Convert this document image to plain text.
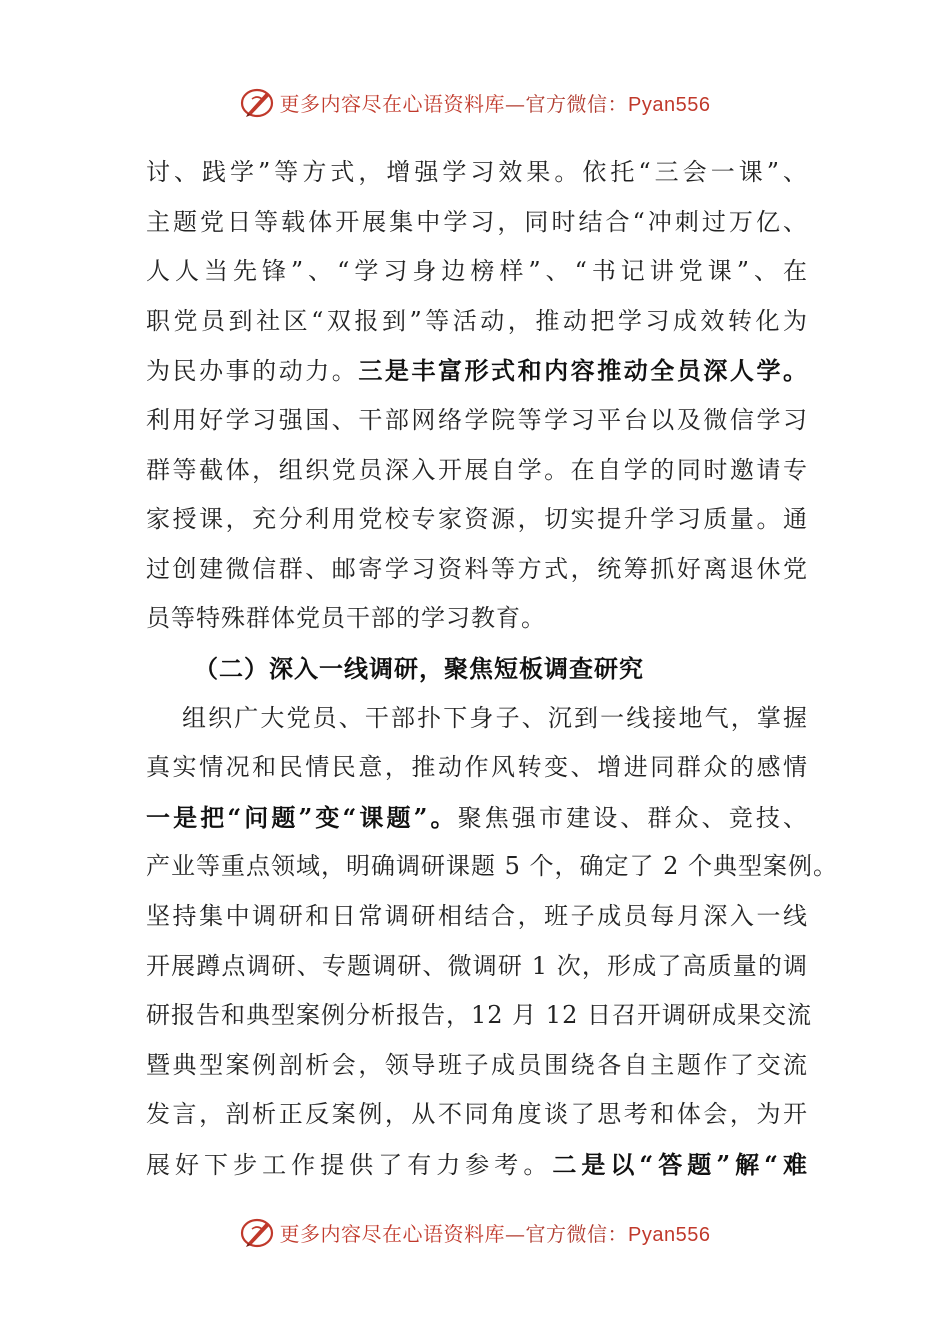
更多内容尽在心语资料库—官方微信：Pyan556
讨、践学”等方式，增强学习效果。依托“三会一课”、
主题党日等载体开展集中学习，同时结合“冲刺过万亿、
人人当先锋”、“学习身边榜样”、“书记讲党课”、在
职党员到社区“双报到”等活动，推动把学习成效转化为
为民办事的动力。三是丰富形式和内容推动全员深人学。
利用好学习强国、干部网络学院等学习平台以及微信学习
群等截体，组织党员深入开展自学。在自学的同时邀请专
家授课，充分利用党校专家资源，切实提升学习质量。通
过创建微信群、邮寄学习资料等方式，统筹抓好离退休党
员等特殊群体党员干部的学习教育。
（二）深入一线调研，聚焦短板调查研究
组织广大党员、干部扑下身子、沉到一线接地气，掌握
真实情况和民情民意，推动作风转变、增进同群众的感情
一是把“问题”变“课题”。聚焦强市建设、群众、竞技、
产业等重点领域，明确调研课题 5 个，确定了 2 个典型案例。
坚持集中调研和日常调研相结合，班子成员每月深入一线
开展蹲点调研、专题调研、微调研 1 次，形成了高质量的调
研报告和典型案例分析报告，12 月 12 日召开调研成果交流
暨典型案例剖析会，领导班子成员围绕各自主题作了交流
发言，剖析正反案例，从不同角度谈了思考和体会，为开
展好下步工作提供了有力参考。二是以“答题”解“难
更多内容尽在心语资料库—官方微信：Pyan556
